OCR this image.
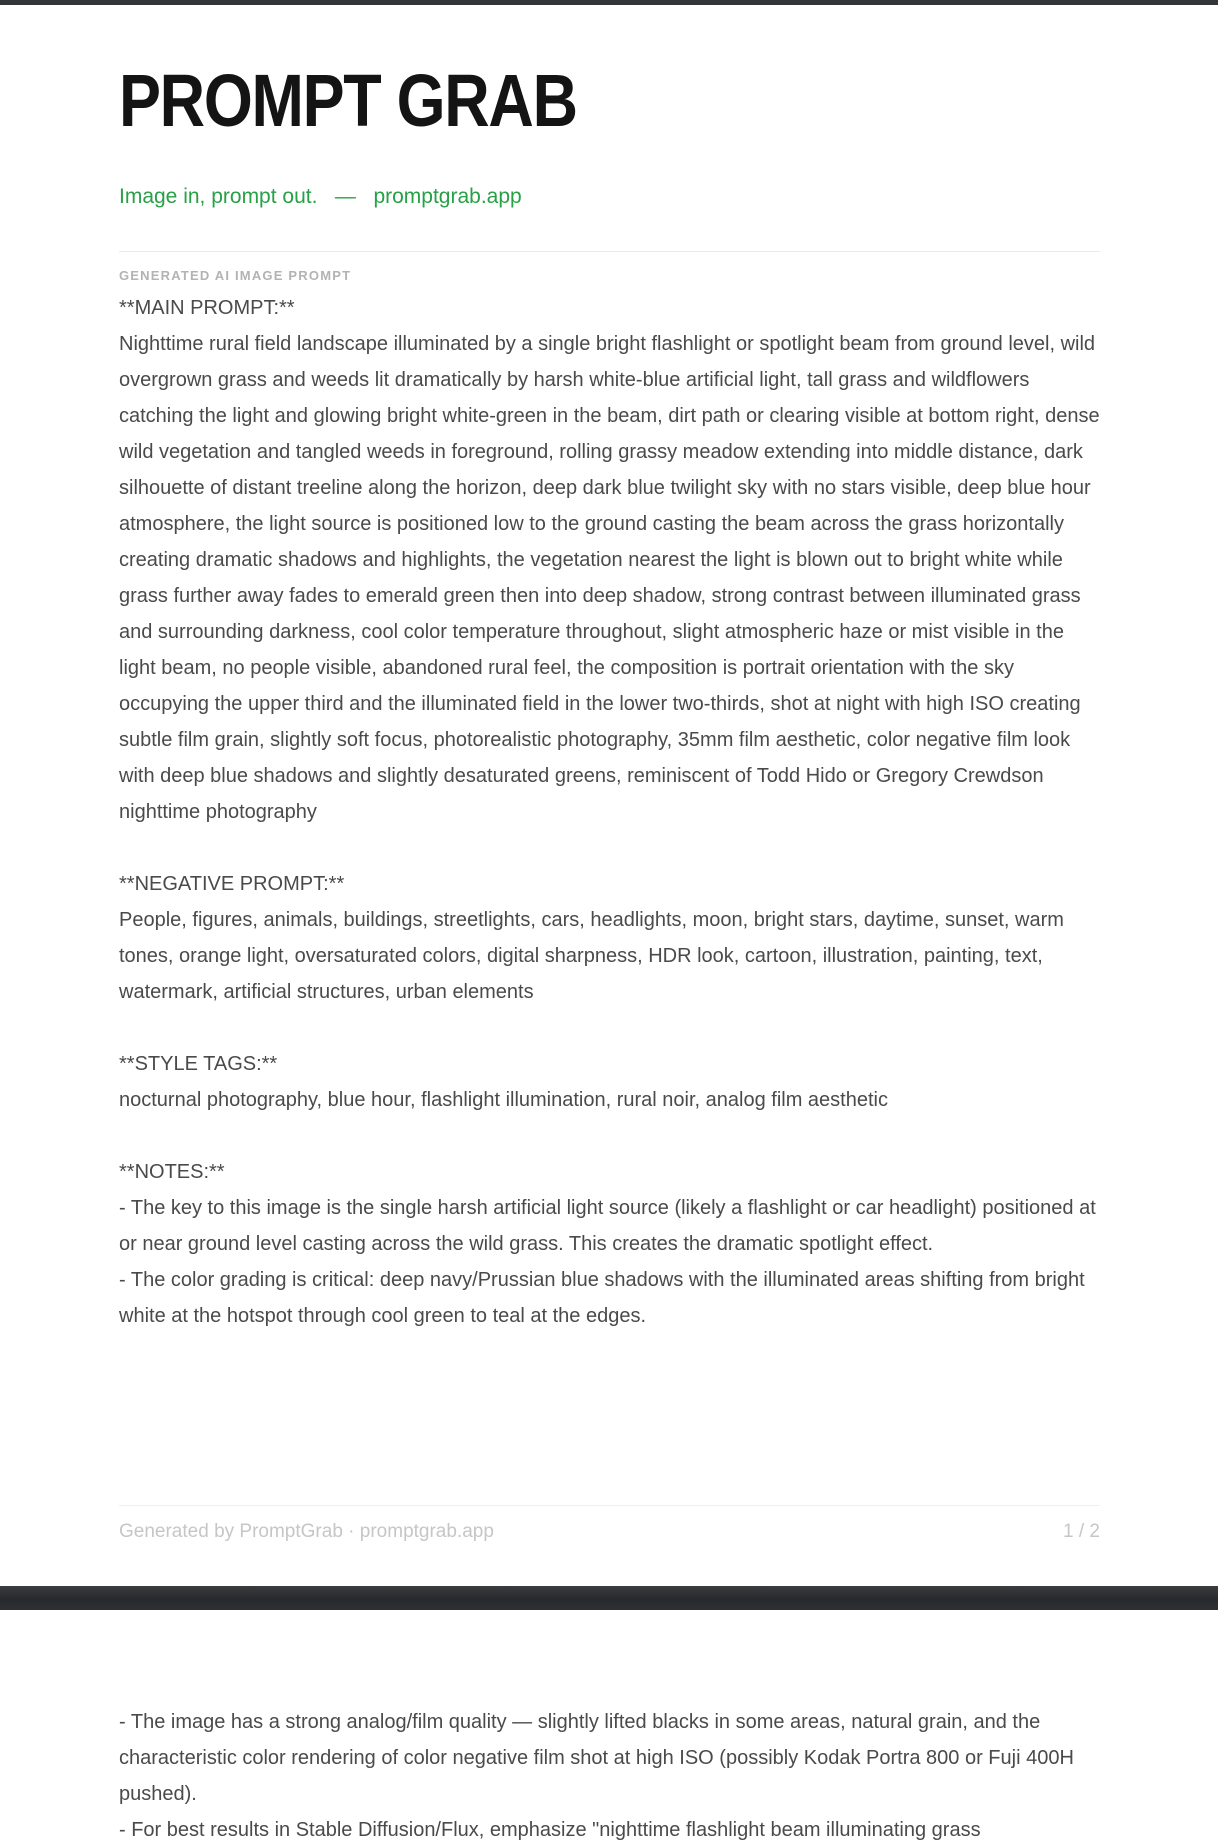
PROMPT GRAB
Image in, prompt out.   —   promptgrab.app
GENERATED AI IMAGE PROMPT
**MAIN PROMPT:**

Nighttime rural field landscape illuminated by a single bright flashlight or spotlight beam from ground level, wild overgrown grass and weeds lit dramatically by harsh white-blue artificial light, tall grass and wildflowers catching the light and glowing bright white-green in the beam, dirt path or clearing visible at bottom right, dense wild vegetation and tangled weeds in foreground, rolling grassy meadow extending into middle distance, dark silhouette of distant treeline along the horizon, deep dark blue twilight sky with no stars visible, deep blue hour atmosphere, the light source is positioned low to the ground casting the beam across the grass horizontally creating dramatic shadows and highlights, the vegetation nearest the light is blown out to bright white while grass further away fades to emerald green then into deep shadow, strong contrast between illuminated grass and surrounding darkness, cool color temperature throughout, slight atmospheric haze or mist visible in the light beam, no people visible, abandoned rural feel, the composition is portrait orientation with the sky occupying the upper third and the illuminated field in the lower two-thirds, shot at night with high ISO creating subtle film grain, slightly soft focus, photorealistic photography, 35mm film aesthetic, color negative film look with deep blue shadows and slightly desaturated greens, reminiscent of Todd Hido or Gregory Crewdson nighttime photography

**NEGATIVE PROMPT:**

People, figures, animals, buildings, streetlights, cars, headlights, moon, bright stars, daytime, sunset, warm tones, orange light, oversaturated colors, digital sharpness, HDR look, cartoon, illustration, painting, text, watermark, artificial structures, urban elements

**STYLE TAGS:**

nocturnal photography, blue hour, flashlight illumination, rural noir, analog film aesthetic

**NOTES:**

- The key to this image is the single harsh artificial light source (likely a flashlight or car headlight) positioned at or near ground level casting across the wild grass. This creates the dramatic spotlight effect.

- The color grading is critical: deep navy/Prussian blue shadows with the illuminated areas shifting from bright white at the hotspot through cool green to teal at the edges.

Generated by PromptGrab · promptgrab.app	1 / 2

- The image has a strong analog/film quality — slightly lifted blacks in some areas, natural grain, and the characteristic color rendering of color negative film shot at high ISO (possibly Kodak Portra 800 or Fuji 400H pushed).

- For best results in Stable Diffusion/Flux, emphasize "nighttime flashlight beam illuminating grass
